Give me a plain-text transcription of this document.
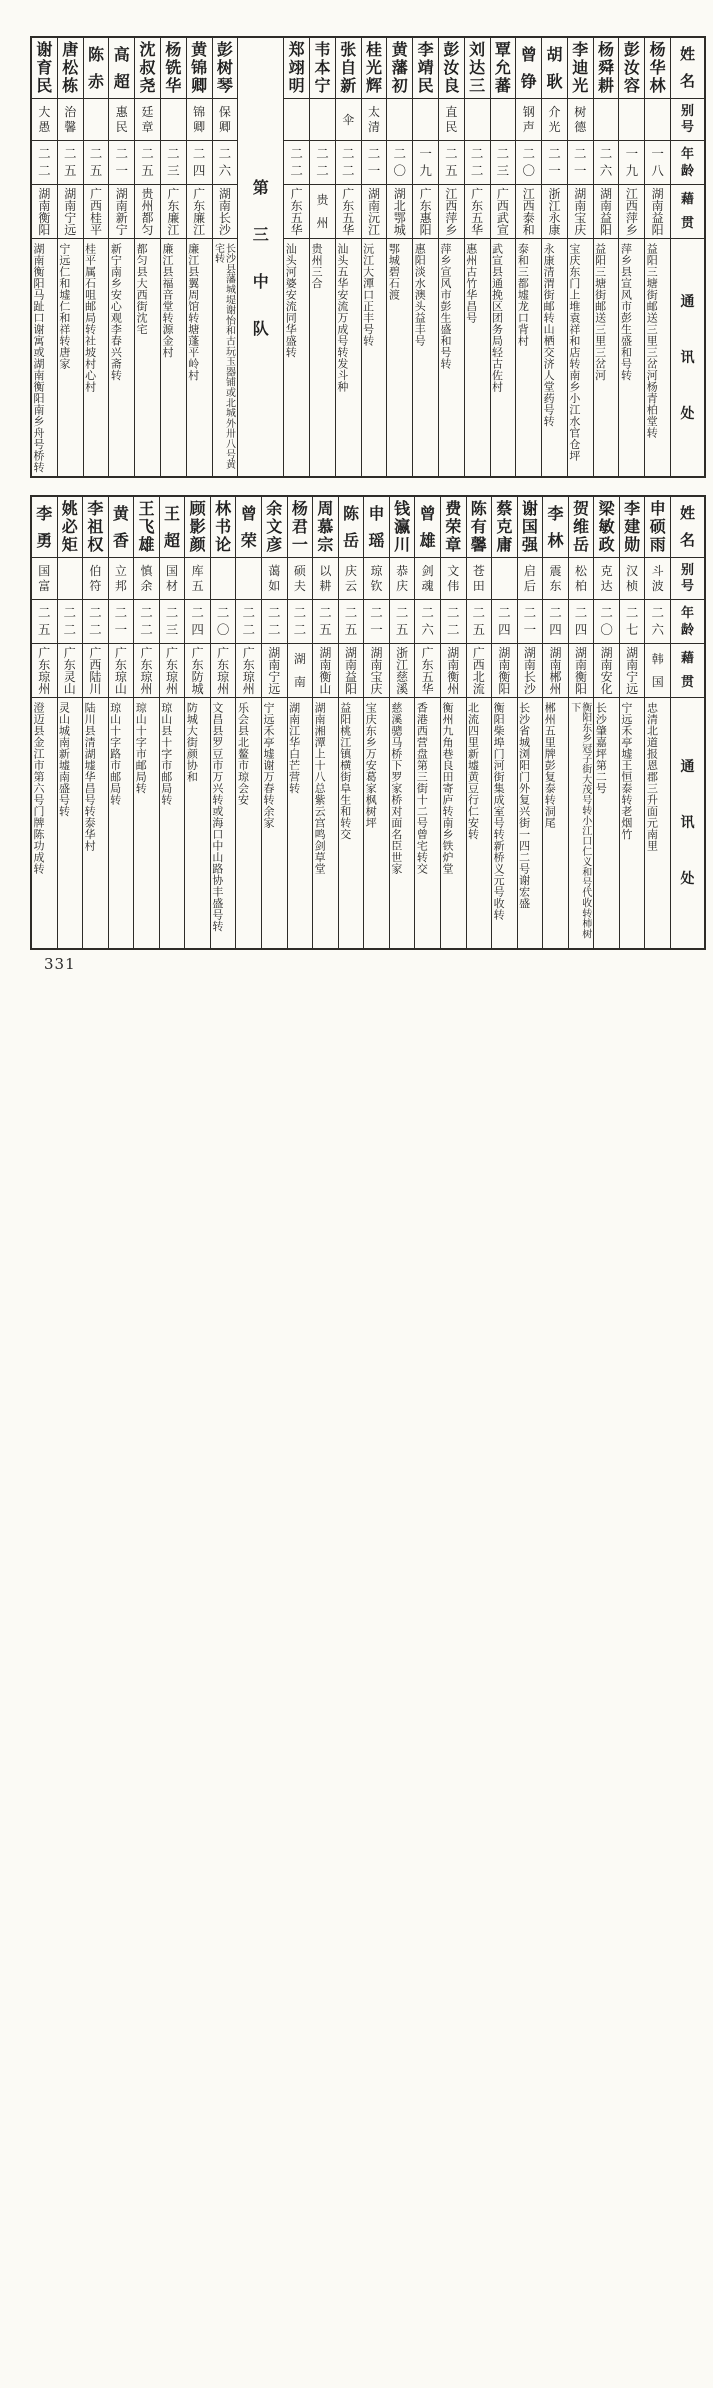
姓
名
别
号
年
龄
藉
贯
通
讯
处
杨
华
林
一
八
湖
南
益
阳
益阳三塘街邮送三里三岔河杨青柏堂转
彭
汝
容
一
九
江
西
萍
乡
萍乡县宣风市彭生盛和号转
杨
舜
耕
二
六
湖
南
益
阳
益阳三塘街邮送三里三岔河
李
迪
光
树
德
二
一
湖
南
宝
庆
宝庆东门上堆袁祥和店转南乡小江水官仓坪
胡
耿
介
光
二
一
浙
江
永
康
永康清渭街邮转山栖交济人堂药号转
曾
铮
钢
声
二
〇
江
西
泰
和
泰和三都墟龙口背村
覃
允
蕃
二
三
广
西
武
宣
武宣县通挽区团务局轻古佐村
刘
达
三
二
二
广
东
五
华
惠州古竹华昌号
彭
汝
良
直
民
二
五
江
西
萍
乡
萍乡宣风市彭生盛和号转
李
靖
民
一
九
广
东
惠
阳
惠阳淡水澳头益丰号
黄
藩
初
二
〇
湖
北
鄂
城
鄂城碧石渡
桂
光
辉
太
清
二
一
湖
南
沅
江
沅江大潭口正丰号转
张
自
新
伞
二
二
广
东
五
华
汕头五华安流万成号转发斗种
韦
本
宁
二
二
贵
州
贵州三合
郑
翊
明
二
二
广
东
五
华
汕头河婆安流同华盛转
第
三
中
队
彭
树
琴
保
卿
二
六
湖
南
长
沙
长沙县藩城堤谢怡和古玩玉器铺或北城外卅八号黄宅转
黄
锦
卿
锦
卿
二
四
广
东
廉
江
廉江县翼周馆转塘蓬平岭村
杨
铣
华
二
三
广
东
廉
江
廉江县福音堂转源金村
沈
叔
尧
廷
章
二
五
贵
州
都
匀
都匀县大西街沈宅
高
超
惠
民
二
一
湖
南
新
宁
新宁南乡安心观李春兴斋转
陈
赤
二
五
广
西
桂
平
桂平属石咀邮局转社坡村心村
唐
松
栋
治
馨
二
五
湖
南
宁
远
宁远仁和墟仁和祥转唐家
谢
育
民
大
愚
二
二
湖
南
衡
阳
湖南衡阳马趾口谢寓或湖南衡阳南乡舟号桥转
姓
名
别
号
年
龄
藉
贯
通
讯
处
申
硕
雨
斗
波
二
六
韩
国
忠清北道报恩郡三升面元南里
李
建
勋
汉
桢
二
七
湖
南
宁
远
宁远禾亭墟王恒泰转老烟竹
梁
敏
政
克
达
二
〇
湖
南
安
化
长沙肇嘉坪第二号
贺
维
岳
松
柏
二
四
湖
南
衡
阳
衡阳东乡冠子街大茂号转小江口仁义和号代收转柿树下
李
林
震
东
二
四
湖
南
郴
州
郴州五里牌彭复泰转洞尾
谢
国
强
启
后
二
一
湖
南
长
沙
长沙省城浏阳门外复兴街一四二号谢宏盛
蔡
克
庸
二
四
湖
南
衡
阳
衡阳柴埠门河街集成室号转新桥义元号收转
陈
有
馨
苍
田
二
五
广
西
北
流
北流四里新墟黄豆行仁安转
费
荣
章
文
伟
二
二
湖
南
衡
州
衡州九角巷良田寄庐转南乡铁炉堂
曾
雄
剑
魂
二
六
广
东
五
华
香港西营盘第三街十二号曾宅转交
钱
瀛
川
恭
庆
二
五
浙
江
慈
溪
慈溪骢马桥下罗家桥对面名臣世家
申
瑶
琼
钦
二
一
湖
南
宝
庆
宝庆东乡万安葛家枫树坪
陈
岳
庆
云
二
五
湖
南
益
阳
益阳桃江镇横街阜生和转交
周
慕
宗
以
耕
二
五
湖
南
衡
山
湖南湘潭上十八总紫云宫鸣剑草堂
杨
君
一
硕
夫
二
二
湖
南
湖南江华白芒营转
余
文
彦
蔼
如
二
二
湖
南
宁
远
宁远禾亭墟谢万春转余家
曾
荣
二
二
广
东
琼
州
乐会县北鳌市琼会安
林
书
论
二
〇
广
东
琼
州
文昌县罗豆市万兴转或海口中山路协丰盛号转
顾
影
颜
库
五
二
四
广
东
防
城
防城大街颜协和
王
超
国
材
二
三
广
东
琼
州
琼山县十字市邮局转
王
飞
雄
慎
余
二
二
广
东
琼
州
琼山十字市邮局转
黄
香
立
邦
二
一
广
东
琼
山
琼山十字路市邮局转
李
祖
权
伯
符
二
二
广
西
陆
川
陆川县清湖墟华昌号转泰华村
姚
必
矩
二
二
广
东
灵
山
灵山城南新墟南盛号转
李
勇
国
富
二
五
广
东
琼
州
澄迈县金江市第六号门牌陈功成转
331
